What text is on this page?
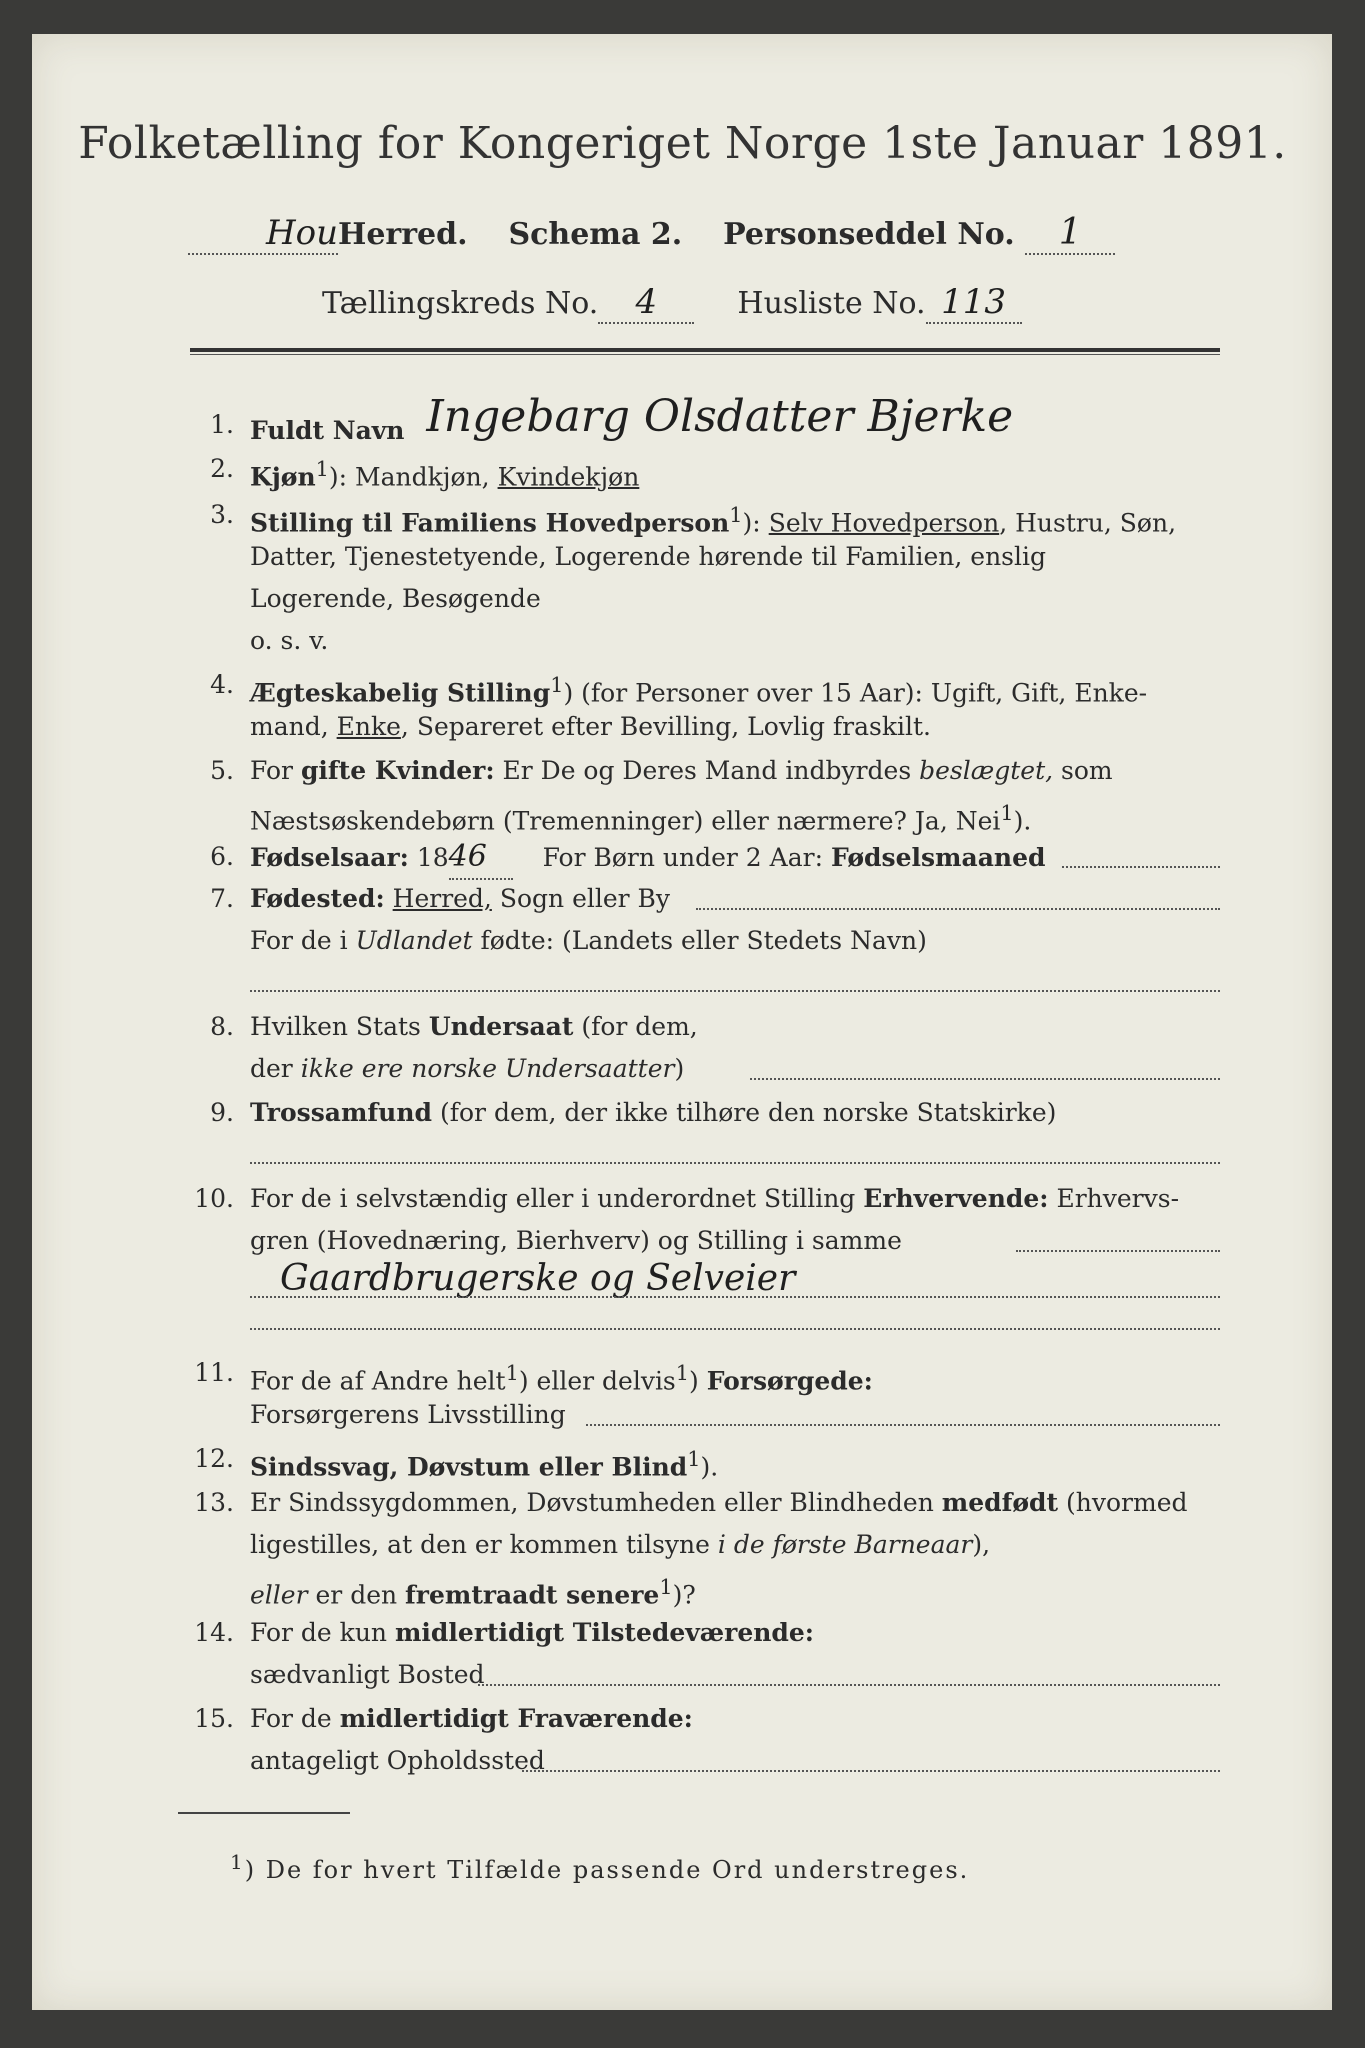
Folketælling for Kongeriget Norge 1ste Januar 1891.
HouHerred. Schema 2. Personseddel No. 1
Tællingskreds No. 4	Husliste No. 113
1. Fuldt Navn Ingebarg Olsdatter Bjerke
2. Kjøn$^1$): Mandkjøn, Kvindekjøn
3. Stilling til Familiens Hovedperson$^1$): Selv Hovedperson, Hustru, Søn,
Datter, Tjenestetyende, Logerende hørende til Familien, enslig
Logerende, Besøgende
o. s. v.
4. Ægteskabelig Stilling$^1$) (for Personer over 15 Aar): Ugift, Gift, Enke-
mand, Enke, Separeret efter Bevilling, Lovlig fraskilt.
5. For gifte Kvinder: Er De og Deres Mand indbyrdes beslægtet, som
Næstsøskendebørn (Tremenninger) eller nærmere? Ja, Nei$^1$).
6. Fødselsaar: 1846 For Børn under 2 Aar: Fødselsmaaned
7. Fødested: Herred, Sogn eller By
For de i Udlandet fødte: (Landets eller Stedets Navn)
8. Hvilken Stats Undersaat (for dem,
der ikke ere norske Undersaatter)
9. Trossamfund (for dem, der ikke tilhøre den norske Statskirke)
10. For de i selvstændig eller i underordnet Stilling Erhvervende: Erhvervs-
gren (Hovednæring, Bierhverv) og Stilling i samme
Gaardbrugerske og Selveier
11. For de af Andre helt$^1$) eller delvis$^1$) Forsørgede:
Forsørgerens Livsstilling
12. Sindssvag, Døvstum eller Blind$^1$).
13. Er Sindssygdommen, Døvstumheden eller Blindheden medfødt (hvormed
ligestilles, at den er kommen tilsyne i de første Barneaar),
eller er den fremtraadt senere$^1$)?
14. For de kun midlertidigt Tilstedeværende:
sædvanligt Bosted
15. For de midlertidigt Fraværende:
antageligt Opholdssted
$^1$) De for hvert Tilfælde passende Ord understreges.
